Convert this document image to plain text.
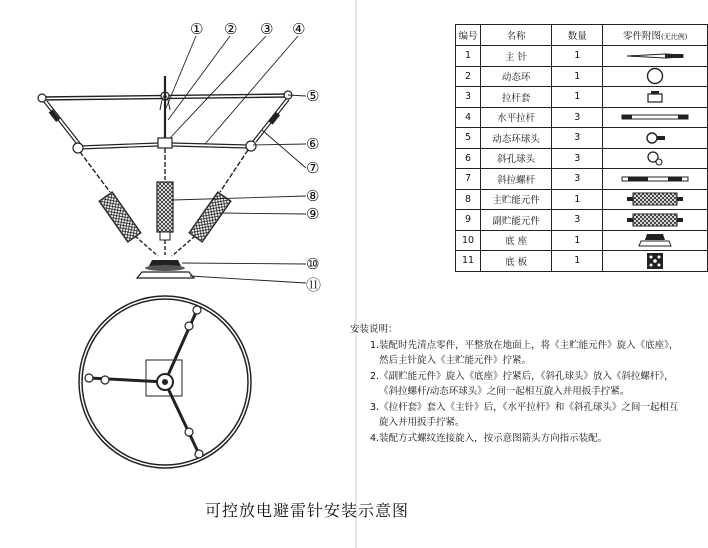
① ② ③ ④
⑤
⑥
⑦
⑧
⑨
⑩
⑪
编号	名称	数量	零件附图(无比例)
1	主 针	1	
2	动态环	1	
3	拉杆套	1	
4	水平拉杆	3	
5	动态环球头	3	
6	斜孔球头	3	
7	斜拉螺杆	3	
8	主贮能元件	1	
9	副贮能元件	3	
10	底 座	1	
11	底 板	1	
安装说明：
1.装配时先清点零件，平整放在地面上，将《主贮能元件》旋入《底座》，
然后主针旋入《主贮能元件》拧紧。
2.《副贮能元件》旋入《底座》拧紧后，《斜孔球头》放入《斜拉螺杆》，
《斜拉螺杆/动态环球头》之间一起相互旋入并用扳手拧紧。
3.《拉杆套》套入《主针》后，《水平拉杆》和《斜孔球头》之间一起相互
旋入并用扳手拧紧。
4.装配方式螺纹连接旋入，按示意图箭头方向指示装配。
可控放电避雷针安装示意图
